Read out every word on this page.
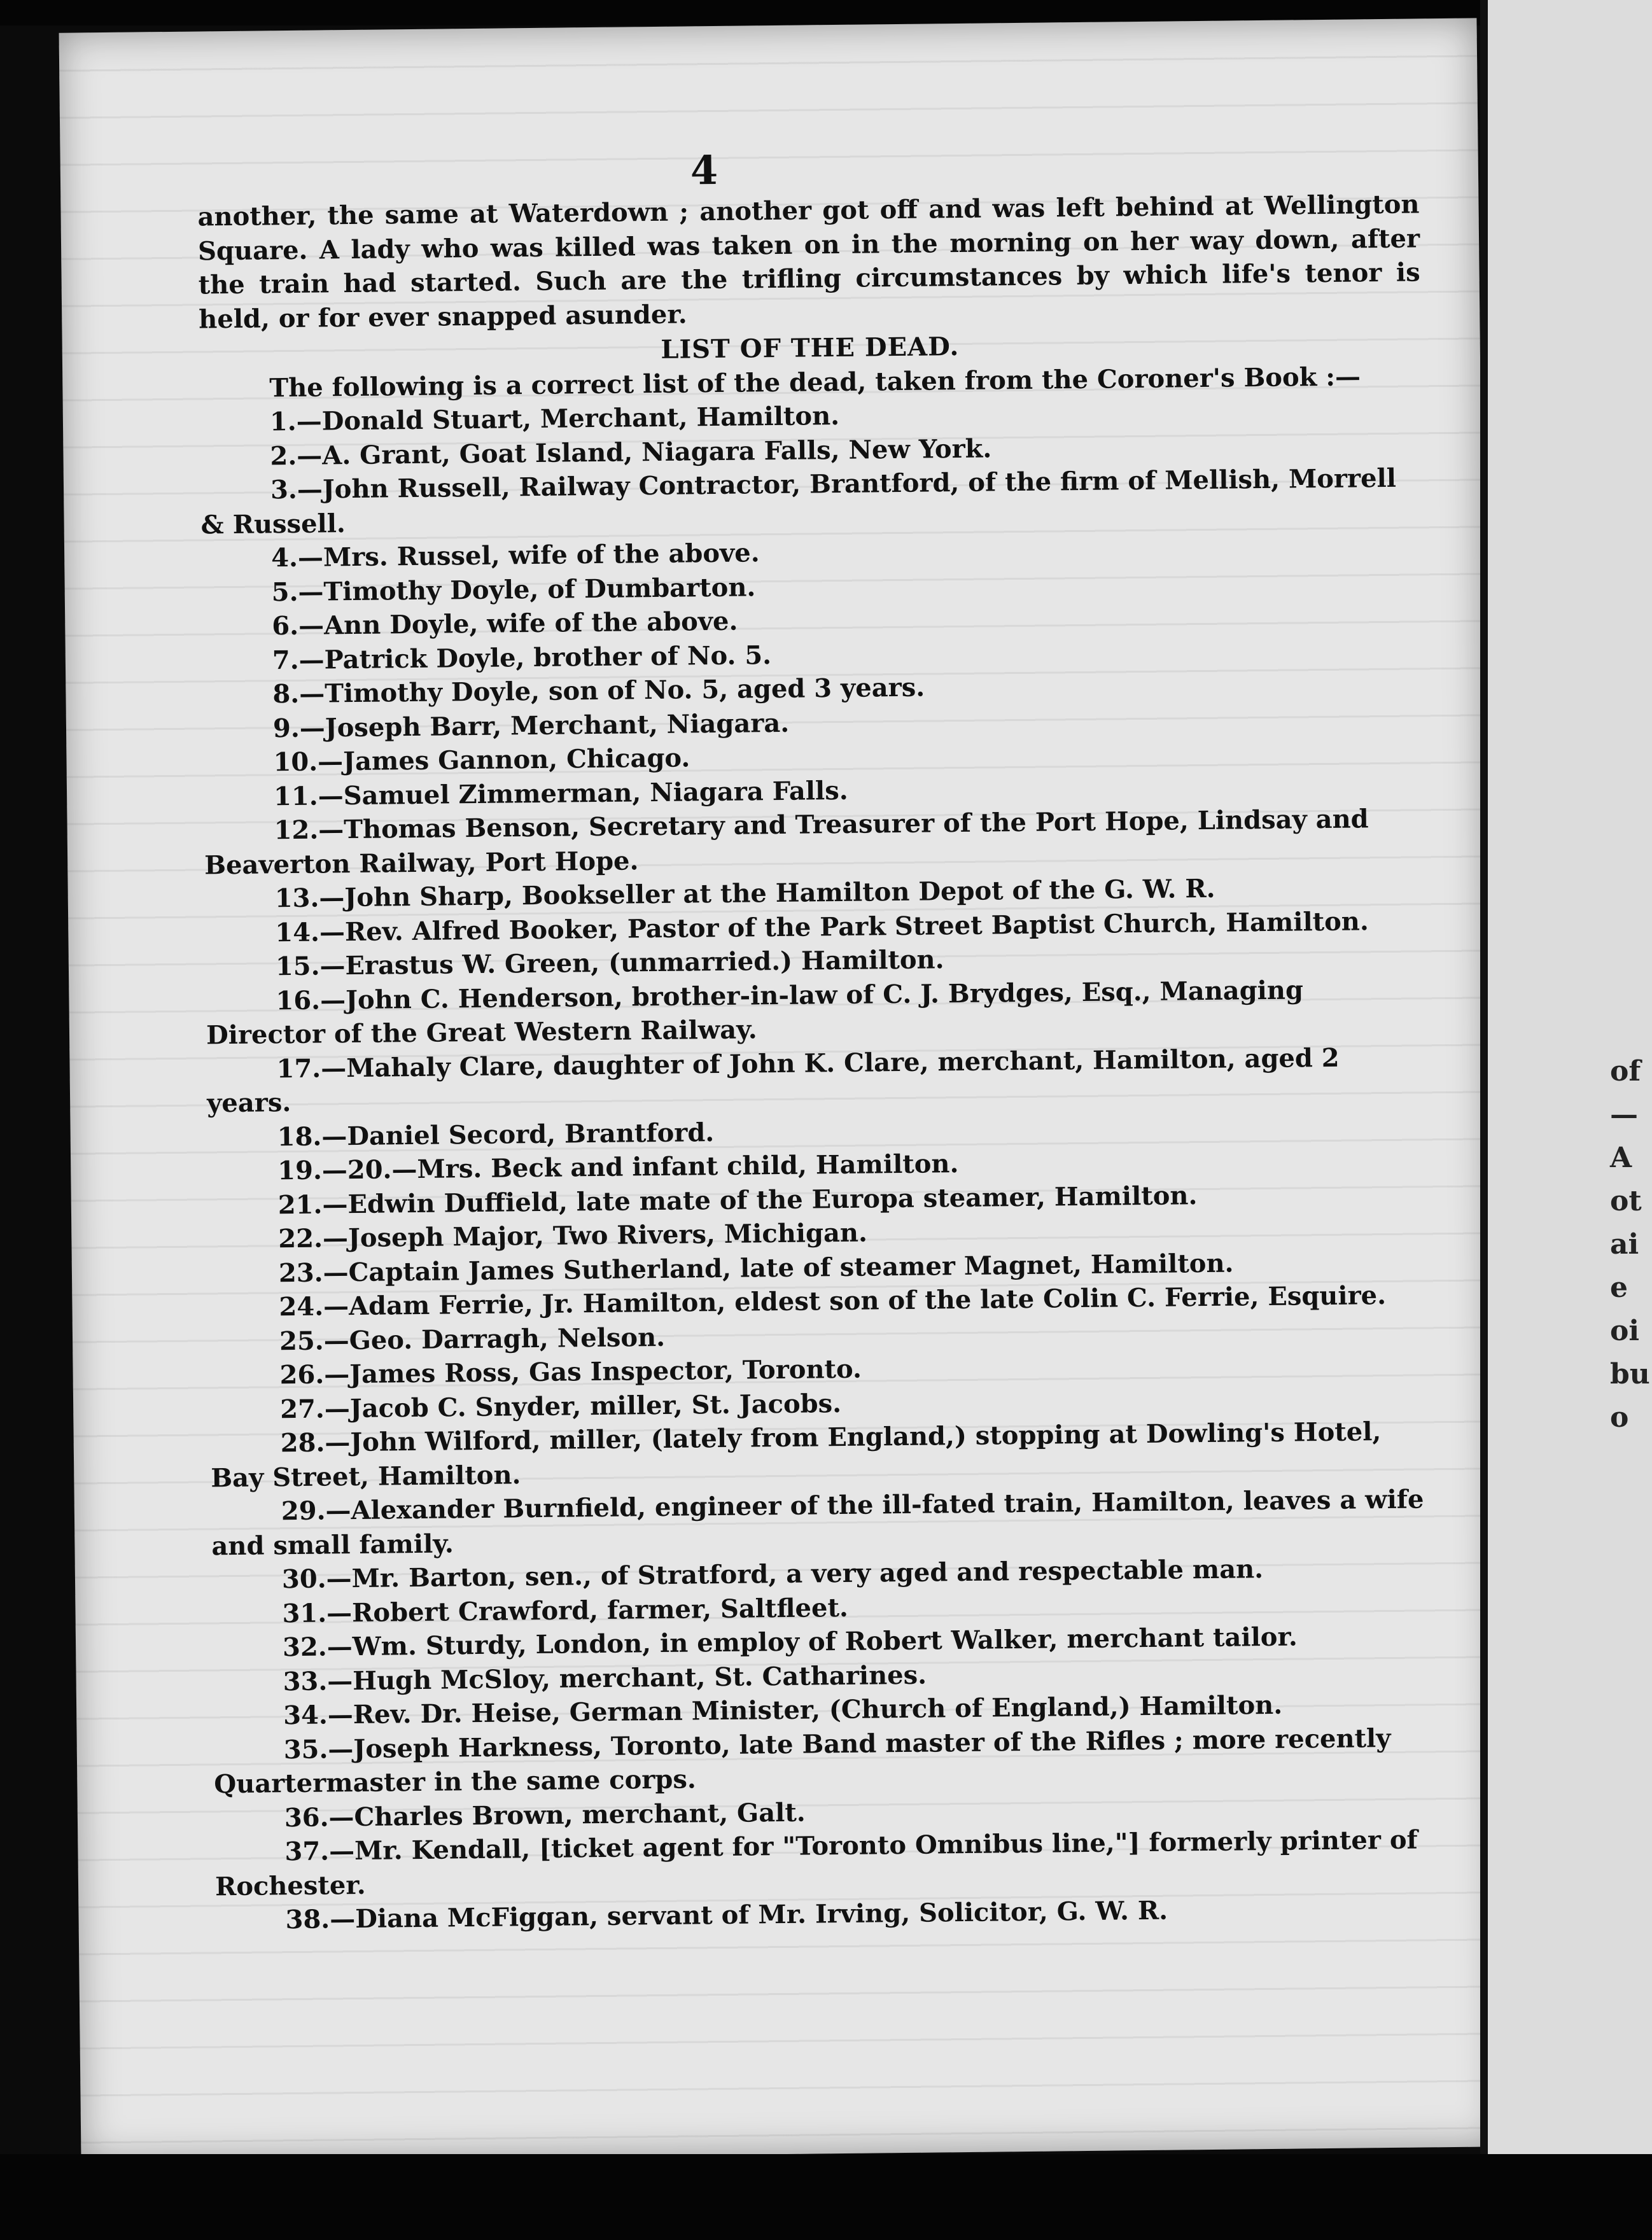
4

another, the same at Waterdown ; another got off and was left behind at Wellington Square. A lady who was killed was taken on in the morning on her way down, after the train had started. Such are the trifling circumstances by which life's tenor is held, or for ever snapped asunder.

LIST OF THE DEAD.

The following is a correct list of the dead, taken from the Coroner's Book :—

1.—Donald Stuart, Merchant, Hamilton.
2.—A. Grant, Goat Island, Niagara Falls, New York.
3.—John Russell, Railway Contractor, Brantford, of the firm of Mellish, Morrell & Russell.
4.—Mrs. Russel, wife of the above.
5.—Timothy Doyle, of Dumbarton.
6.—Ann Doyle, wife of the above.
7.—Patrick Doyle, brother of No. 5.
8.—Timothy Doyle, son of No. 5, aged 3 years.
9.—Joseph Barr, Merchant, Niagara.
10.—James Gannon, Chicago.
11.—Samuel Zimmerman, Niagara Falls.
12.—Thomas Benson, Secretary and Treasurer of the Port Hope, Lindsay and Beaverton Railway, Port Hope.
13.—John Sharp, Bookseller at the Hamilton Depot of the G. W. R.
14.—Rev. Alfred Booker, Pastor of the Park Street Baptist Church, Hamilton.
15.—Erastus W. Green, (unmarried.) Hamilton.
16.—John C. Henderson, brother-in-law of C. J. Brydges, Esq., Managing Director of the Great Western Railway.
17.—Mahaly Clare, daughter of John K. Clare, merchant, Hamilton, aged 2 years.
18.—Daniel Secord, Brantford.
19.—20.—Mrs. Beck and infant child, Hamilton.
21.—Edwin Duffield, late mate of the Europa steamer, Hamilton.
22.—Joseph Major, Two Rivers, Michigan.
23.—Captain James Sutherland, late of steamer Magnet, Hamilton.
24.—Adam Ferrie, Jr. Hamilton, eldest son of the late Colin C. Ferrie, Esquire.
25.—Geo. Darragh, Nelson.
26.—James Ross, Gas Inspector, Toronto.
27.—Jacob C. Snyder, miller, St. Jacobs.
28.—John Wilford, miller, (lately from England,) stopping at Dowling's Hotel, Bay Street, Hamilton.
29.—Alexander Burnfield, engineer of the ill-fated train, Hamilton, leaves a wife and small family.
30.—Mr. Barton, sen., of Stratford, a very aged and respectable man.
31.—Robert Crawford, farmer, Saltfleet.
32.—Wm. Sturdy, London, in employ of Robert Walker, merchant tailor.
33.—Hugh McSloy, merchant, St. Catharines.
34.—Rev. Dr. Heise, German Minister, (Church of England,) Hamilton.
35.—Joseph Harkness, Toronto, late Band master of the Rifles ; more recently Quartermaster in the same corps.
36.—Charles Brown, merchant, Galt.
37.—Mr. Kendall, [ticket agent for "Toronto Omnibus line,"] formerly printer of Rochester.
38.—Diana McFiggan, servant of Mr. Irving, Solicitor, G. W. R.
of
—
A
ot
ai
e
oi
bu
o
